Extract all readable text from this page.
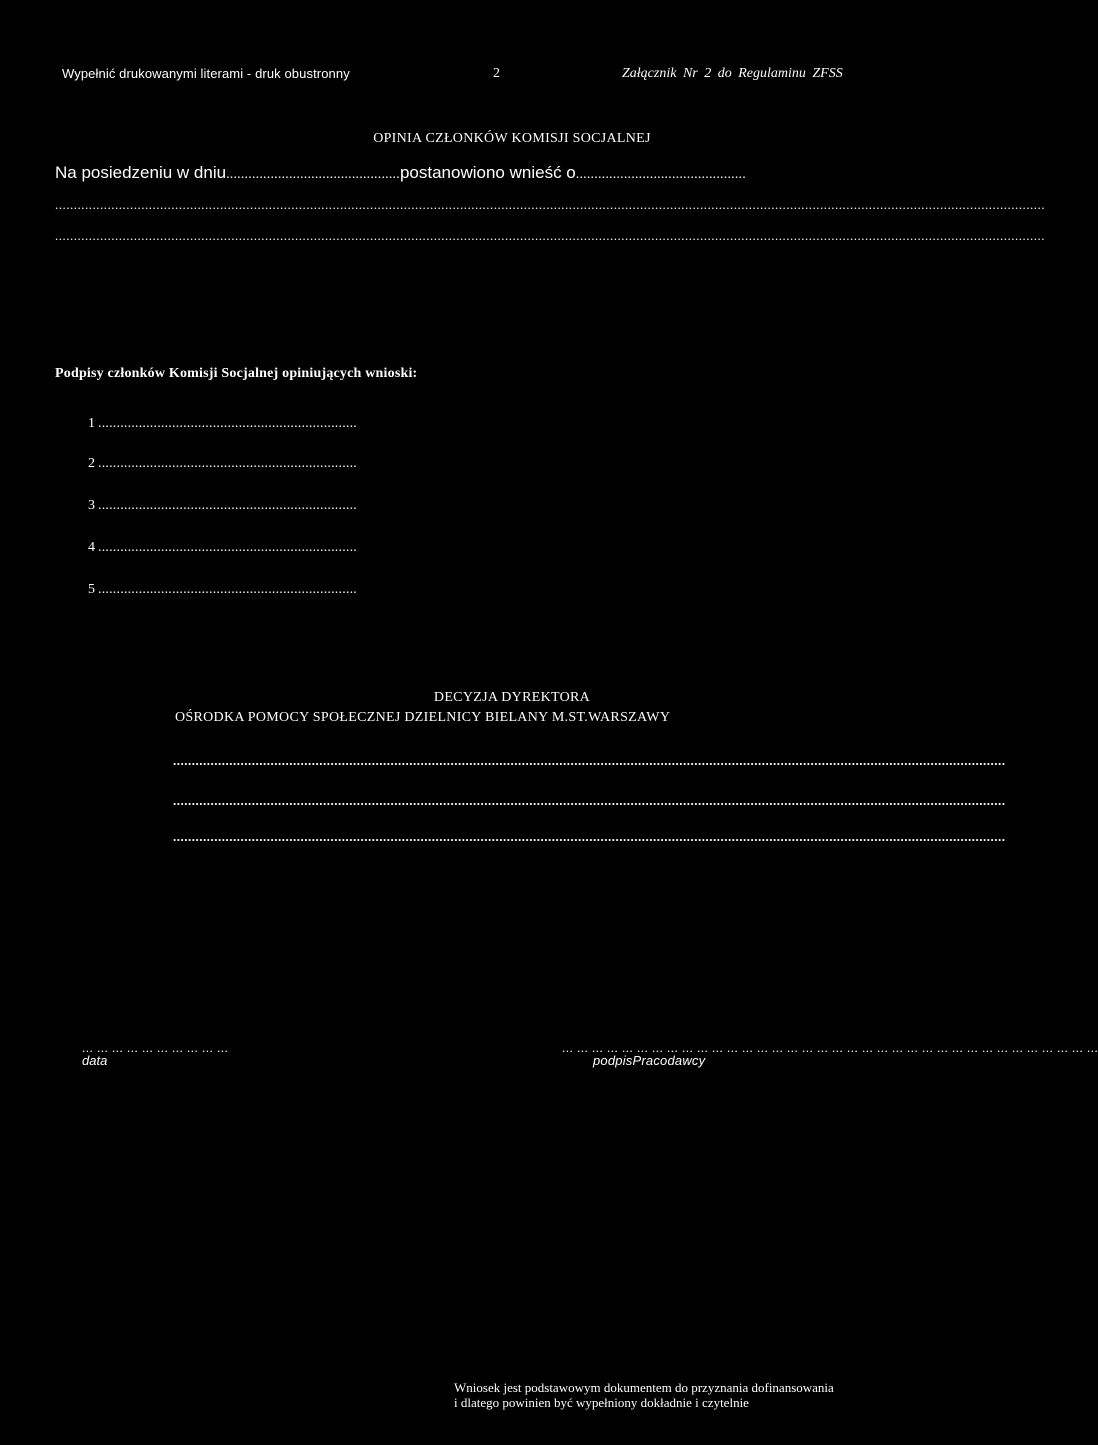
Wypełnić drukowanymi literami - druk obustronny	2	Załącznik Nr 2 do Regulaminu ZFSS
OPINIA CZŁONKÓW KOMISJI SOCJALNEJ
Na posiedzeniu w dniu...............................................postanowiono wnieść o..............................................
........................................................................................................................................................................................................................................................................
........................................................................................................................................................................................................................................................................
Podpisy członków Komisji Socjalnej opiniujących wnioski:
1 ......................................................................
2 ......................................................................
3 ......................................................................
4 ......................................................................
5 ......................................................................
DECYZJA DYREKTORA
OŚRODKA POMOCY SPOŁECZNEJ DZIELNICY BIELANY M.ST.WARSZAWY
..............................................................................................................................................................................................................................
..............................................................................................................................................................................................................................
..............................................................................................................................................................................................................................
... ... ... ... ... ... ... ... ... ...	... ... ... ... ... ... ... ... ... ... ... ... ... ... ... ... ... ... ... ... ... ... ... ... ... ... ... ... ... ... ... ... ... ... ... ...
data	podpisPracodawcy
Wniosek jest podstawowym dokumentem do przyznania dofinansowania
i dlatego powinien być wypełniony dokładnie i czytelnie
